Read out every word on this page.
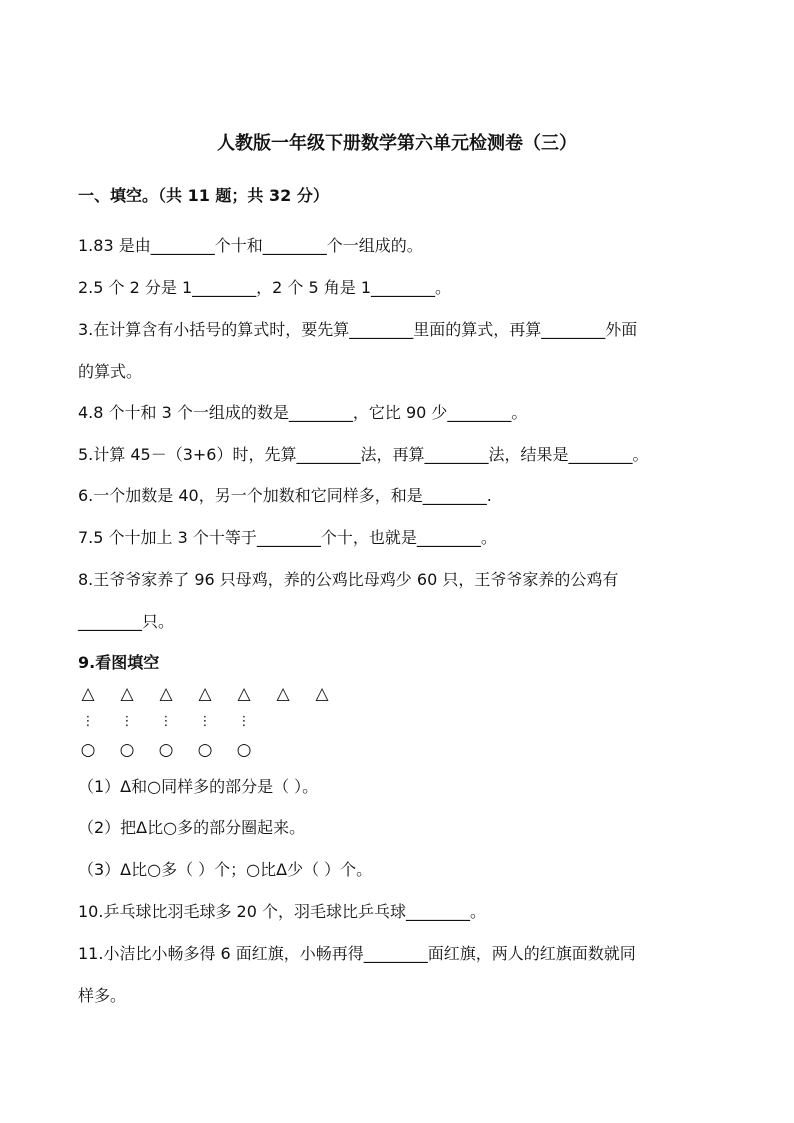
人教版一年级下册数学第六单元检测卷（三）
一、填空。（共 11 题；共 32 分）
1.83 是由________个十和________个一组成的。
2.5 个 2 分是 1________，2 个 5 角是 1________。
3.在计算含有小括号的算式时，要先算________里面的算式，再算________外面
的算式。
4.8 个十和 3 个一组成的数是________，它比 90 少________。
5.计算 45－（3+6）时，先算________法，再算________法，结果是________。
6.一个加数是 40，另一个加数和它同样多，和是________.
7.5 个十加上 3 个十等于________个十，也就是________。
8.王爷爷家养了 96 只母鸡，养的公鸡比母鸡少 60 只，王爷爷家养的公鸡有
________只。
9.看图填空
△ △ △ △ △ △ △
⋮ ⋮ ⋮ ⋮ ⋮
○ ○ ○ ○ ○
（1）Δ和○同样多的部分是（ ）。
（2）把Δ比○多的部分圈起来。
（3）Δ比○多（ ）个；○比Δ少（ ）个。
10.乒乓球比羽毛球多 20 个，羽毛球比乒乓球________。
11.小洁比小畅多得 6 面红旗，小畅再得________面红旗，两人的红旗面数就同
样多。
